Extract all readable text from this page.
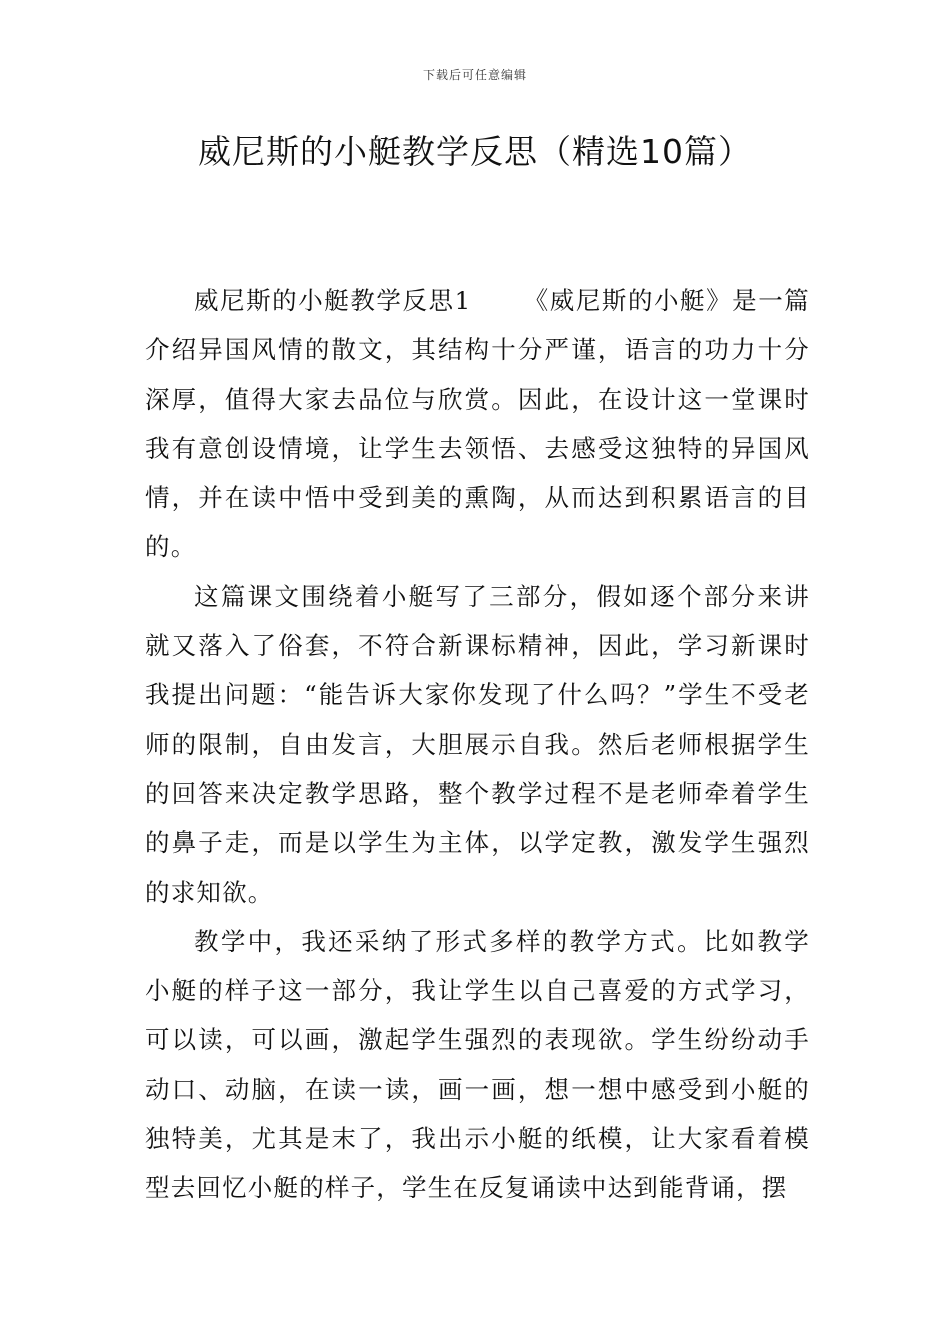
下载后可任意编辑
威尼斯的小艇教学反思（精选10篇）

威尼斯的小艇教学反思1 《威尼斯的小艇》是一篇介绍异国风情的散文，其结构十分严谨，语言的功力十分深厚，值得大家去品位与欣赏。因此，在设计这一堂课时我有意创设情境，让学生去领悟、去感受这独特的异国风情，并在读中悟中受到美的熏陶，从而达到积累语言的目的。

这篇课文围绕着小艇写了三部分，假如逐个部分来讲就又落入了俗套，不符合新课标精神，因此，学习新课时我提出问题：“能告诉大家你发现了什么吗？”学生不受老师的限制，自由发言，大胆展示自我。然后老师根据学生的回答来决定教学思路，整个教学过程不是老师牵着学生的鼻子走，而是以学生为主体，以学定教，激发学生强烈的求知欲。

教学中，我还采纳了形式多样的教学方式。比如教学小艇的样子这一部分，我让学生以自己喜爱的方式学习，可以读，可以画，激起学生强烈的表现欲。学生纷纷动手动口、动脑，在读一读，画一画，想一想中感受到小艇的独特美，尤其是末了，我出示小艇的纸模，让大家看着模型去回忆小艇的样子，学生在反复诵读中达到能背诵，摆
